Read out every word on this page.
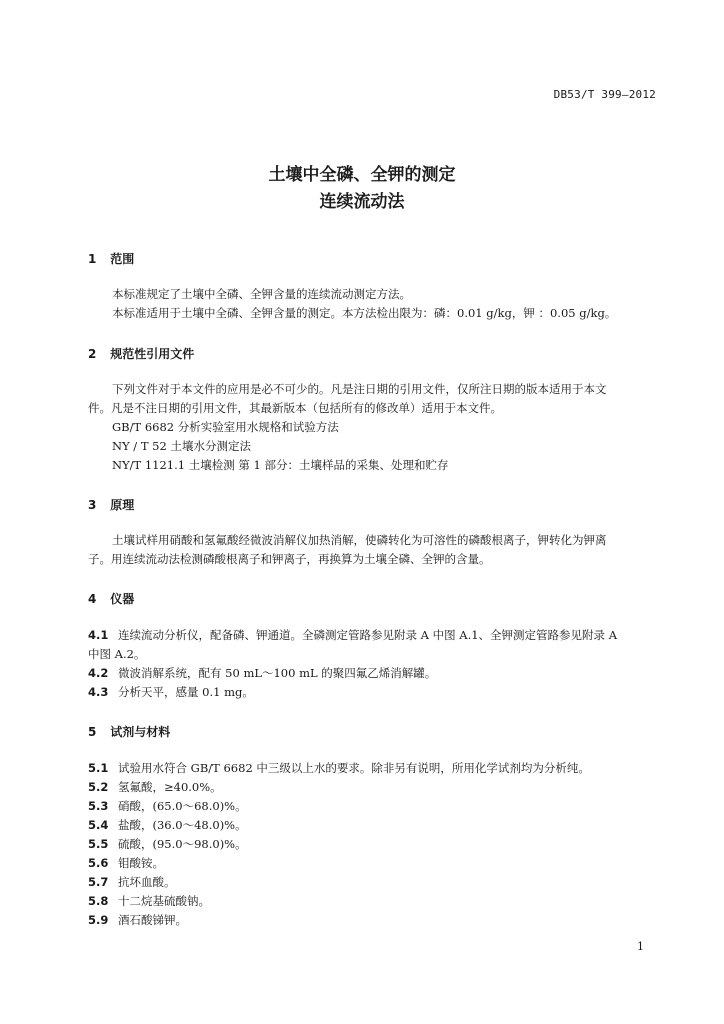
DB53/T 399—2012
土壤中全磷、全钾的测定
连续流动法
1 范围
本标准规定了土壤中全磷、全钾含量的连续流动测定方法。
本标准适用于土壤中全磷、全钾含量的测定。本方法检出限为：磷：0.01 g/kg，钾 ：0.05 g/kg。
2 规范性引用文件
下列文件对于本文件的应用是必不可少的。凡是注日期的引用文件，仅所注日期的版本适用于本文
件。凡是不注日期的引用文件，其最新版本（包括所有的修改单）适用于本文件。
GB/T 6682 分析实验室用水规格和试验方法
NY / T 52 土壤水分测定法
NY/T 1121.1 土壤检测 第 1 部分：土壤样品的采集、处理和贮存
3 原理
土壤试样用硝酸和氢氟酸经微波消解仪加热消解，使磷转化为可溶性的磷酸根离子，钾转化为钾离
子。用连续流动法检测磷酸根离子和钾离子，再换算为土壤全磷、全钾的含量。
4 仪器
4.1 连续流动分析仪，配备磷、钾通道。全磷测定管路参见附录 A 中图 A.1、全钾测定管路参见附录 A
中图 A.2。
4.2 微波消解系统，配有 50 mL～100 mL 的聚四氟乙烯消解罐。
4.3 分析天平，感量 0.1 mg。
5 试剂与材料
5.1 试验用水符合 GB/T 6682 中三级以上水的要求。除非另有说明，所用化学试剂均为分析纯。
5.2 氢氟酸，≥40.0%。
5.3 硝酸，(65.0～68.0)%。
5.4 盐酸，(36.0～48.0)%。
5.5 硫酸，(95.0～98.0)%。
5.6 钼酸铵。
5.7 抗坏血酸。
5.8 十二烷基硫酸钠。
5.9 酒石酸锑钾。
1
